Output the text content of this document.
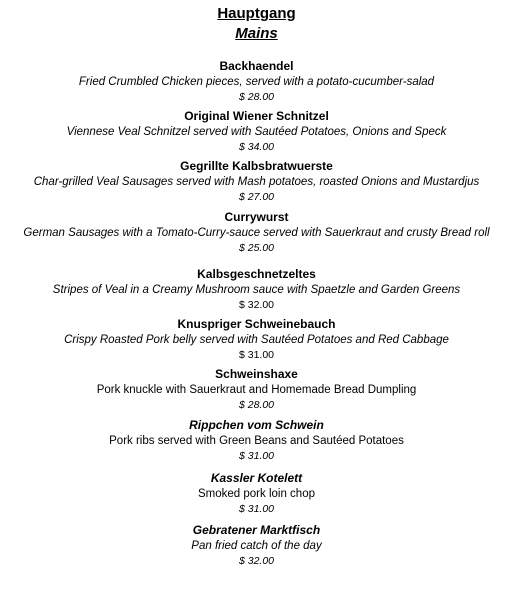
Hauptgang
Mains
Backhaendel
Fried Crumbled Chicken pieces, served with a potato-cucumber-salad
$ 28.00
Original Wiener Schnitzel
Viennese Veal Schnitzel served with Sautéed Potatoes, Onions and Speck
$ 34.00
Gegrillte Kalbsbratwuerste
Char-grilled Veal Sausages served with Mash potatoes, roasted Onions and Mustardjus
$ 27.00
Currywurst
German Sausages with a Tomato-Curry-sauce served with Sauerkraut and crusty Bread roll
$ 25.00
Kalbsgeschnetzeltes
Stripes of Veal in a Creamy Mushroom sauce with Spaetzle and Garden Greens
$ 32.00
Knuspriger Schweinebauch
Crispy Roasted Pork belly served with Sautéed Potatoes and Red Cabbage
$ 31.00
Schweinshaxe
Pork knuckle with Sauerkraut and Homemade Bread Dumpling
$ 28.00
Rippchen vom Schwein
Pork ribs served with Green Beans and Sautéed Potatoes
$ 31.00
Kassler Kotelett
Smoked pork loin chop
$ 31.00
Gebratener Marktfisch
Pan fried catch of the day
$ 32.00
